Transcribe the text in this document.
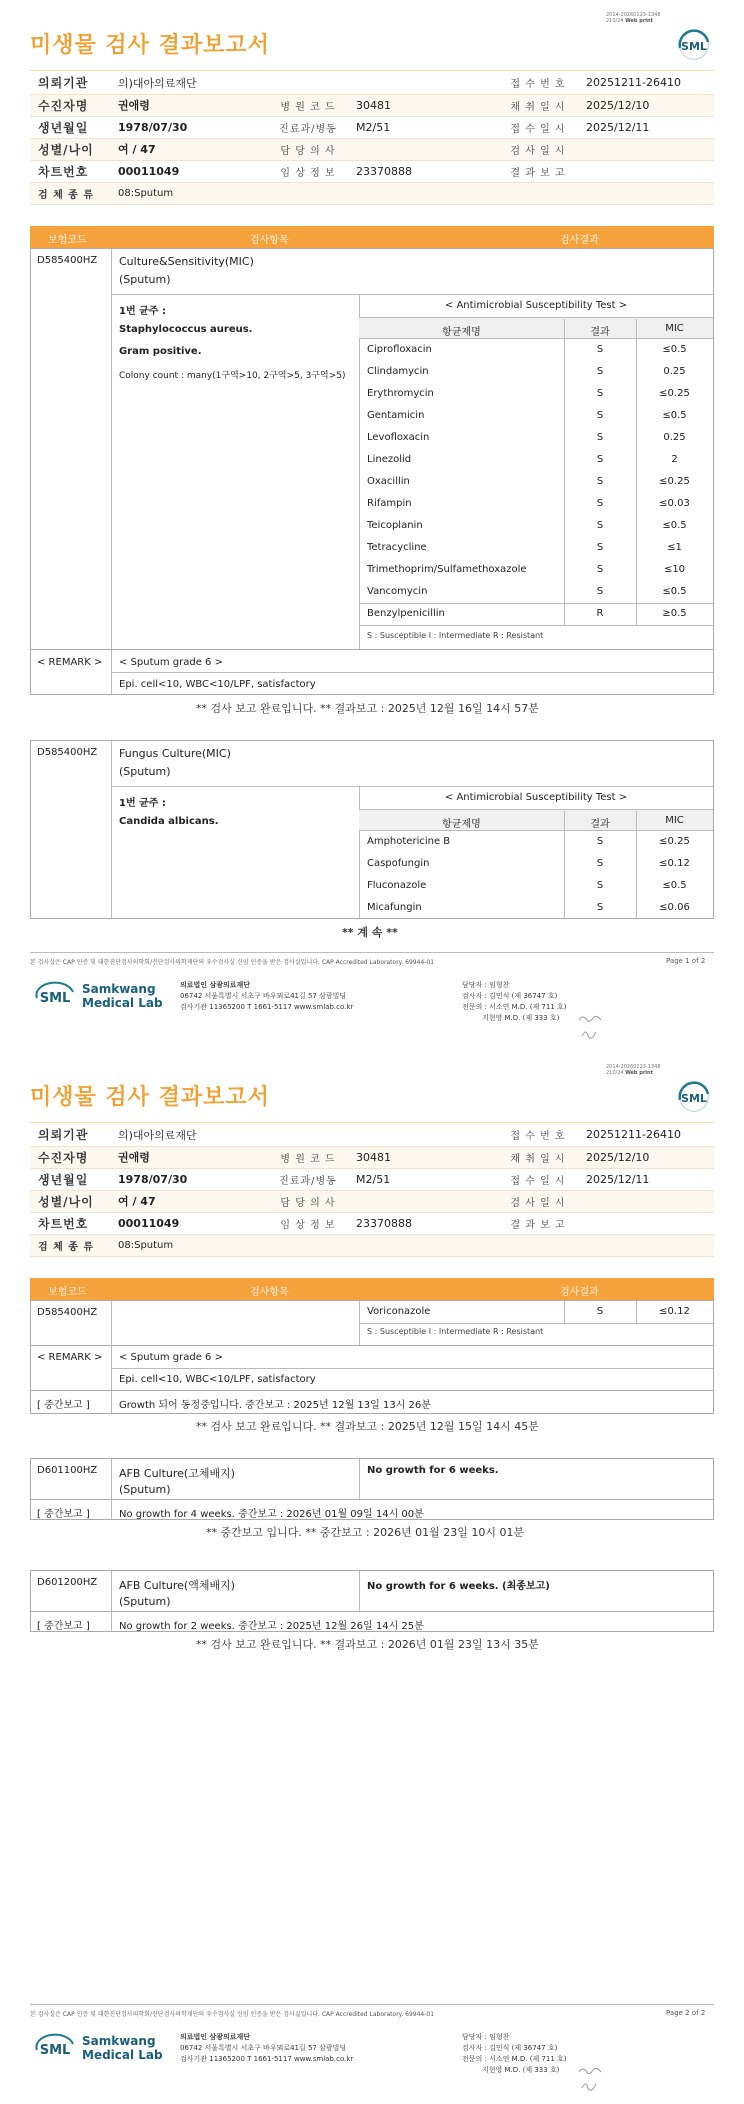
2014-20260123-1348
210/24 Web print
미생물 검사 결과보고서	SML
의뢰기관	의)대아의료재단			접 수 번 호	20251211-26410
수진자명	권애령	병 원 코 드	30481	채 취 일 시	2025/12/10
생년월일	1978/07/30	진료과/병동	M2/51	접 수 일 시	2025/12/11
성별/나이	여 / 47	담 당 의 사		검 사 일 시	
차트번호	00011049	임 상 정 보	23370888	결 과 보 고	
검 체 종 류	08:Sputum				
보험코드	검사항목	검사결과
D585400HZ Culture&Sensitivity(MIC)
(Sputum)
1번 균주 :
Staphylococcus aureus.
Gram positive.
Colony count : many(1구역>10, 2구역>5, 3구역>5)
< Antimicrobial Susceptibility Test >
항균제명	결과	MIC
Ciprofloxacin	S	≤0.5
Clindamycin	S	0.25
Erythromycin	S	≤0.25
Gentamicin	S	≤0.5
Levofloxacin	S	0.25
Linezolid	S	2
Oxacillin	S	≤0.25
Rifampin	S	≤0.03
Teicoplanin	S	≤0.5
Tetracycline	S	≤1
Trimethoprim/Sulfamethoxazole	S	≤10
Vancomycin	S	≤0.5
Benzylpenicillin	R	≥0.5
S : Susceptible I : Intermediate R : Resistant
< REMARK > < Sputum grade 6 >
Epi. cell<10, WBC<10/LPF, satisfactory
** 검사 보고 완료입니다. ** 결과보고 : 2025년 12월 16일 14시 57분
D585400HZ Fungus Culture(MIC)
(Sputum)
1번 균주 :
Candida albicans.
< Antimicrobial Susceptibility Test >
항균제명	결과	MIC
Amphotericine B	S	≤0.25
Caspofungin	S	≤0.12
Fluconazole	S	≤0.5
Micafungin	S	≤0.06
** 계 속 **
본 검사실은 CAP 인증 및 대한진단검사의학회/진단검사의학재단의 우수검사실 신임 인증을 받은 검사실입니다. CAP Accredited Laboratory. 69944-01	Page 1 of 2
SML
Samkwang
Medical Lab
의료법인 삼광의료재단
06742 서울특별시 서초구 바우뫼로41길 57 삼광빌딩
검사기관 11365200 T 1661-5117 www.smlab.co.kr
담당자 : 임형찬
검사자 : 김민식 (제 36747 호)
전문의 : 서소연 M.D. (제 711 호)
지현영 M.D. (제 333 호)
2014-20260123-1348
210/24 Web print
미생물 검사 결과보고서	SML
의뢰기관	의)대아의료재단			접 수 번 호	20251211-26410
수진자명	권애령	병 원 코 드	30481	채 취 일 시	2025/12/10
생년월일	1978/07/30	진료과/병동	M2/51	접 수 일 시	2025/12/11
성별/나이	여 / 47	담 당 의 사		검 사 일 시	
차트번호	00011049	임 상 정 보	23370888	결 과 보 고	
검 체 종 류	08:Sputum				
보험코드	검사항목	검사결과
D585400HZ	Voriconazole	S	≤0.12
S : Susceptible I : Intermediate R : Resistant
< REMARK > < Sputum grade 6 >
Epi. cell<10, WBC<10/LPF, satisfactory
[ 중간보고 ]	Growth 되어 동정중입니다. 중간보고 : 2025년 12월 13일 13시 26분
** 검사 보고 완료입니다. ** 결과보고 : 2025년 12월 15일 14시 45분
D601100HZ AFB Culture(고체배지)
(Sputum)
No growth for 6 weeks.
[ 중간보고 ]	No growth for 4 weeks. 중간보고 : 2026년 01월 09일 14시 00분
** 중간보고 입니다. ** 중간보고 : 2026년 01월 23일 10시 01분
D601200HZ AFB Culture(액체배지)
(Sputum)
No growth for 6 weeks. (최종보고)
[ 중간보고 ]	No growth for 2 weeks. 중간보고 : 2025년 12월 26일 14시 25분
** 검사 보고 완료입니다. ** 결과보고 : 2026년 01월 23일 13시 35분
본 검사실은 CAP 인증 및 대한진단검사의학회/진단검사의학재단의 우수검사실 신임 인증을 받은 검사실입니다. CAP Accredited Laboratory. 69944-01	Page 2 of 2
SML
Samkwang
Medical Lab
의료법인 삼광의료재단
06742 서울특별시 서초구 바우뫼로41길 57 삼광빌딩
검사기관 11365200 T 1661-5117 www.smlab.co.kr
담당자 : 임형찬
검사자 : 김민식 (제 36747 호)
전문의 : 서소연 M.D. (제 711 호)
지현영 M.D. (제 333 호)
